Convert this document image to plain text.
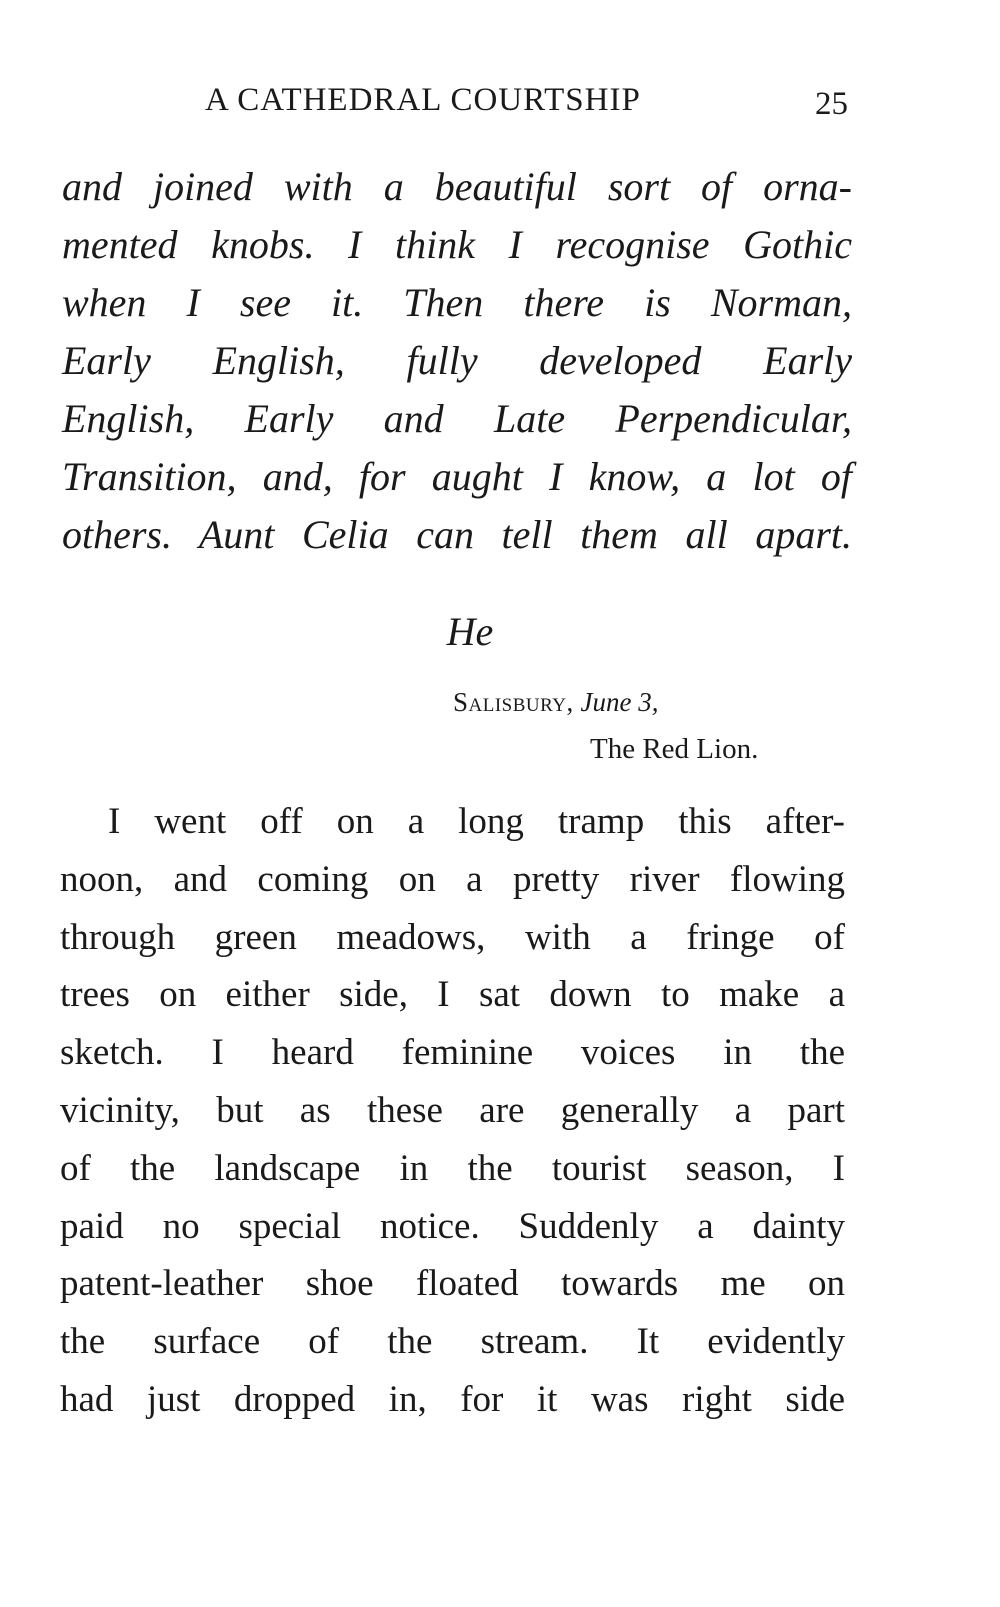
A CATHEDRAL COURTSHIP	25
and joined with a beautiful sort of orna-
mented knobs. I think I recognise Gothic
when I see it. Then there is Norman,
Early English, fully developed Early
English, Early and Late Perpendicular,
Transition, and, for aught I know, a lot of
others. Aunt Celia can tell them all apart.
He
Salisbury, June 3,
The Red Lion.
I went off on a long tramp this after-
noon, and coming on a pretty river flowing
through green meadows, with a fringe of
trees on either side, I sat down to make a
sketch. I heard feminine voices in the
vicinity, but as these are generally a part
of the landscape in the tourist season, I
paid no special notice. Suddenly a dainty
patent-leather shoe floated towards me on
the surface of the stream. It evidently
had just dropped in, for it was right side
